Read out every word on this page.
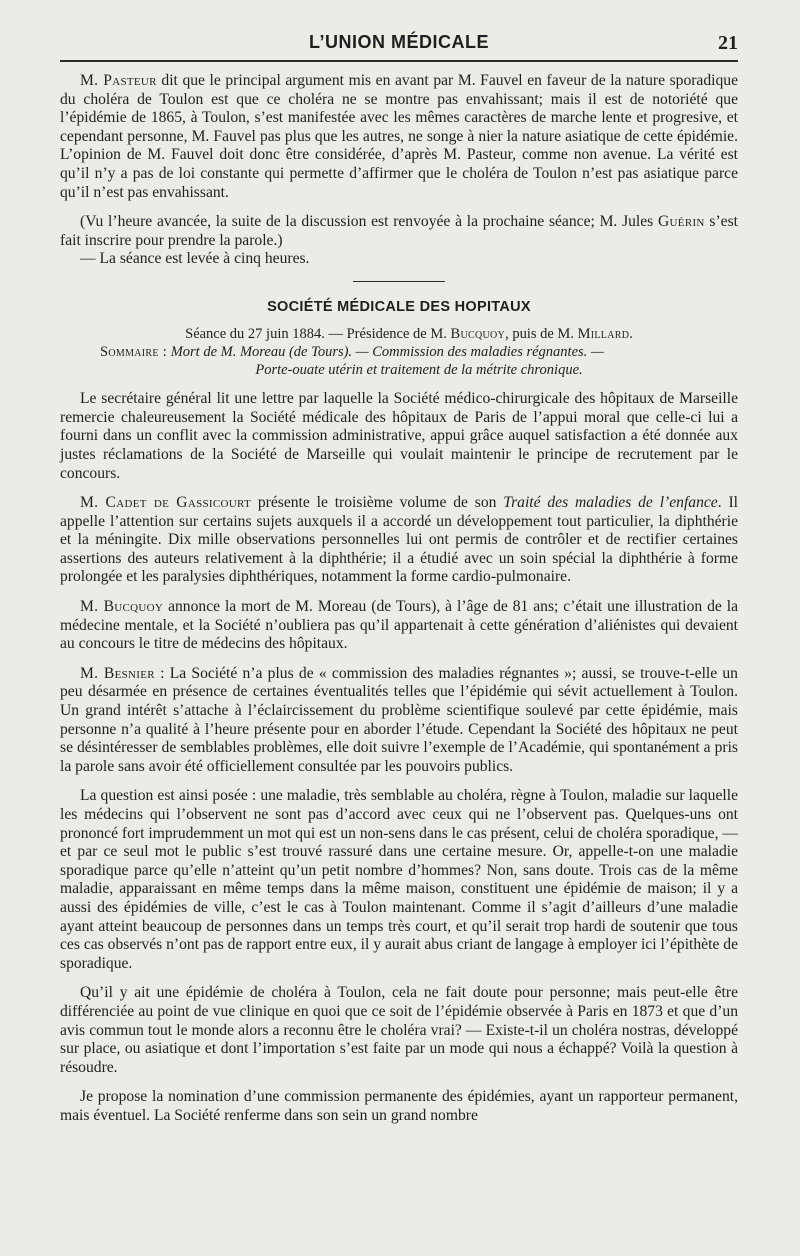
L’UNION MÉDICALE	21

M. Pasteur dit que le principal argument mis en avant par M. Fauvel en faveur de la nature sporadique du choléra de Toulon est que ce choléra ne se montre pas envahissant; mais il est de notoriété que l’épidémie de 1865, à Toulon, s’est manifestée avec les mêmes caractères de marche lente et progresive, et cependant personne, M. Fauvel pas plus que les autres, ne songe à nier la nature asiatique de cette épidémie. L’opinion de M. Fauvel doit donc être considérée, d’après M. Pasteur, comme non avenue. La vérité est qu’il n’y a pas de loi constante qui permette d’affirmer que le choléra de Toulon n’est pas asiatique parce qu’il n’est pas envahissant.

(Vu l’heure avancée, la suite de la discussion est renvoyée à la prochaine séance; M. Jules Guérin s’est fait inscrire pour prendre la parole.)

— La séance est levée à cinq heures.

SOCIÉTÉ MÉDICALE DES HOPITAUX

Séance du 27 juin 1884. — Présidence de M. Bucquoy, puis de M. Millard.

Sommaire : Mort de M. Moreau (de Tours). — Commission des maladies régnantes. —
Porte-ouate utérin et traitement de la métrite chronique.

Le secrétaire général lit une lettre par laquelle la Société médico-chirurgicale des hôpitaux de Marseille remercie chaleureusement la Société médicale des hôpitaux de Paris de l’appui moral que celle-ci lui a fourni dans un conflit avec la commission administrative, appui grâce auquel satisfaction a été donnée aux justes réclamations de la Société de Marseille qui voulait maintenir le principe de recrutement par le concours.

M. Cadet de Gassicourt présente le troisième volume de son Traité des maladies de l’enfance. Il appelle l’attention sur certains sujets auxquels il a accordé un développement tout particulier, la diphthérie et la méningite. Dix mille observations personnelles lui ont permis de contrôler et de rectifier certaines assertions des auteurs relativement à la diphthérie; il a étudié avec un soin spécial la diphthérie à forme prolongée et les paralysies diphthériques, notamment la forme cardio-pulmonaire.

M. Bucquoy annonce la mort de M. Moreau (de Tours), à l’âge de 81 ans; c’était une illustration de la médecine mentale, et la Société n’oubliera pas qu’il appartenait à cette génération d’aliénistes qui devaient au concours le titre de médecins des hôpitaux.

M. Besnier : La Société n’a plus de « commission des maladies régnantes »; aussi, se trouve-t-elle un peu désarmée en présence de certaines éventualités telles que l’épidémie qui sévit actuellement à Toulon. Un grand intérêt s’attache à l’éclaircissement du problème scientifique soulevé par cette épidémie, mais personne n’a qualité à l’heure présente pour en aborder l’étude. Cependant la Société des hôpitaux ne peut se désintéresser de semblables problèmes, elle doit suivre l’exemple de l’Académie, qui spontanément a pris la parole sans avoir été officiellement consultée par les pouvoirs publics.

La question est ainsi posée : une maladie, très semblable au choléra, règne à Toulon, maladie sur laquelle les médecins qui l’observent ne sont pas d’accord avec ceux qui ne l’observent pas. Quelques-uns ont prononcé fort imprudemment un mot qui est un non-sens dans le cas présent, celui de choléra sporadique, — et par ce seul mot le public s’est trouvé rassuré dans une certaine mesure. Or, appelle-t-on une maladie sporadique parce qu’elle n’atteint qu’un petit nombre d’hommes? Non, sans doute. Trois cas de la même maladie, apparaissant en même temps dans la même maison, constituent une épidémie de maison; il y a aussi des épidémies de ville, c’est le cas à Toulon maintenant. Comme il s’agit d’ailleurs d’une maladie ayant atteint beaucoup de personnes dans un temps très court, et qu’il serait trop hardi de soutenir que tous ces cas observés n’ont pas de rapport entre eux, il y aurait abus criant de langage à employer ici l’épithète de sporadique.

Qu’il y ait une épidémie de choléra à Toulon, cela ne fait doute pour personne; mais peut-elle être différenciée au point de vue clinique en quoi que ce soit de l’épidémie observée à Paris en 1873 et que d’un avis commun tout le monde alors a reconnu être le choléra vrai? — Existe-t-il un choléra nostras, développé sur place, ou asiatique et dont l’importation s’est faite par un mode qui nous a échappé? Voilà la question à résoudre.

Je propose la nomination d’une commission permanente des épidémies, ayant un rapporteur permanent, mais éventuel. La Société renferme dans son sein un grand nombre
